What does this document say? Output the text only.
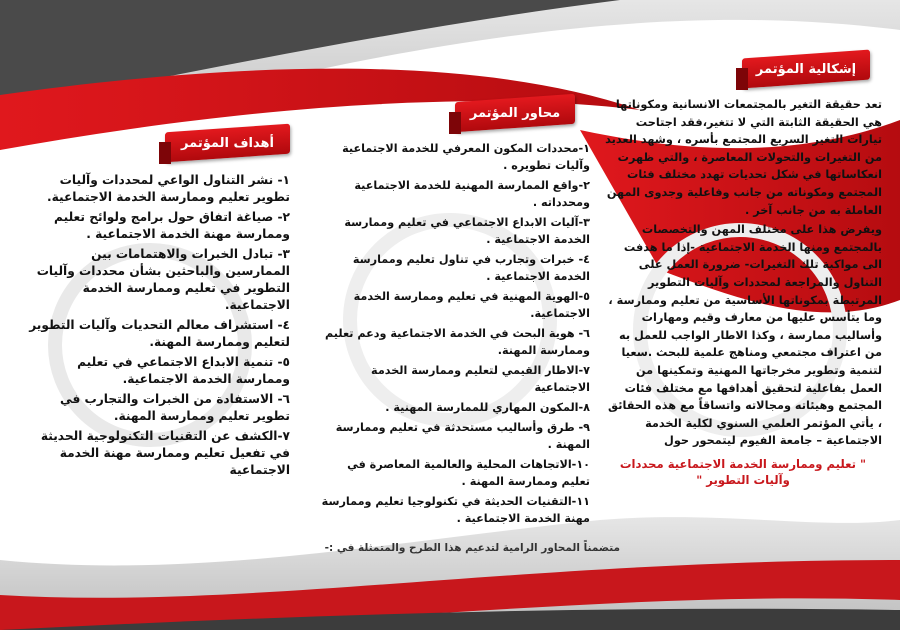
أهداف المؤتمر
محاور المؤتمر
إشكالية المؤتمر
١- نشر التناول الواعي لمحددات وآليات تطوير تعليم وممارسة الخدمة الاجتماعية.
٢- صياغة اتفاق حول برامج ولوائح تعليم وممارسة مهنة الخدمة الاجتماعية .
٣- تبادل الخبرات والاهتمامات بين الممارسين والباحثين بشأن محددات وآليات التطوير في تعليم وممارسة الخدمة الاجتماعية.
٤- استشراف معالم التحديات وآليات التطوير لتعليم وممارسة المهنة.
٥- تنمية الابداع الاجتماعي في تعليم وممارسة الخدمة الاجتماعية.
٦- الاستفادة من الخبرات والتجارب في تطوير تعليم وممارسة المهنة.
٧-الكشف عن التقنيات التكنولوجية الحديثة في تفعيل تعليم وممارسة مهنة الخدمة الاجتماعية
١-محددات المكون المعرفي للخدمة الاجتماعية وآليات تطويره .
٢-واقع الممارسة المهنية للخدمة الاجتماعية ومحدداته .
٣-آليات الابداع الاجتماعي في تعليم وممارسة الخدمة الاجتماعية .
٤- خبرات وتجارب في تناول تعليم وممارسة الخدمة الاجتماعية .
٥-الهوية المهنية في تعليم وممارسة الخدمة الاجتماعية.
٦- هوية البحث في الخدمة الاجتماعية ودعم تعليم وممارسة المهنة.
٧-الاطار القيمي لتعليم وممارسة الخدمة الاجتماعية
٨-المكون المهاري للممارسة المهنية .
٩- طرق وأساليب مستحدثة في تعليم وممارسة المهنة .
١٠-الاتجاهات المحلية والعالمية المعاصرة في تعليم وممارسة المهنة .
١١-التقنيات الحديثة في تكنولوجيا تعليم وممارسة مهنة الخدمة الاجتماعية .

تعد حقيقة التغير بالمجتمعات الانسانية ومكوناتها هي الحقيقة الثابتة التي لا تتغير،فقد اجتاحت تيارات التغير السريع المجتمع بأسره ، وشهد العديد من التغيرات والتحولات المعاصرة ، والتي ظهرت انعكاساتها في شكل تحديات تهدد مختلف فئات المجتمع ومكوناته من جانب وفاعلية وجدوى المهن العاملة به من جانب آخر .

ويفرض هذا على مختلف المهن والتخصصات بالمجتمع ومنها الخدمة الاجتماعية -إذا ما هدفت الى مواكبة تلك التغيرات- ضرورة العمل على التناول والمراجعة لمحددات وآليات التطوير المرتبطة بمكوناتها الأساسية من تعليم وممارسة ، وما يتأسس عليها من معارف وقيم ومهارات وأساليب ممارسة ، وكذا الاطار الواجب للعمل به من اعتراف مجتمعي ومناهج علمية للبحث .سعيا لتنمية وتطوير مخرجاتها المهنية وتمكينها من العمل بفاعلية لتحقيق أهدافها مع مختلف فئات المجتمع وهيئاته ومجالاته واتساقاً مع هذه الحقائق ، يأتي المؤتمر العلمي السنوي لكلية الخدمة الاجتماعية – جامعة الفيوم ليتمحور حول

" تعليم وممارسة الخدمة الاجتماعية محددات وآليات التطوير "
متضمناً المحاور الرامية لتدعيم هذا الطرح والمتمثلة في :-
